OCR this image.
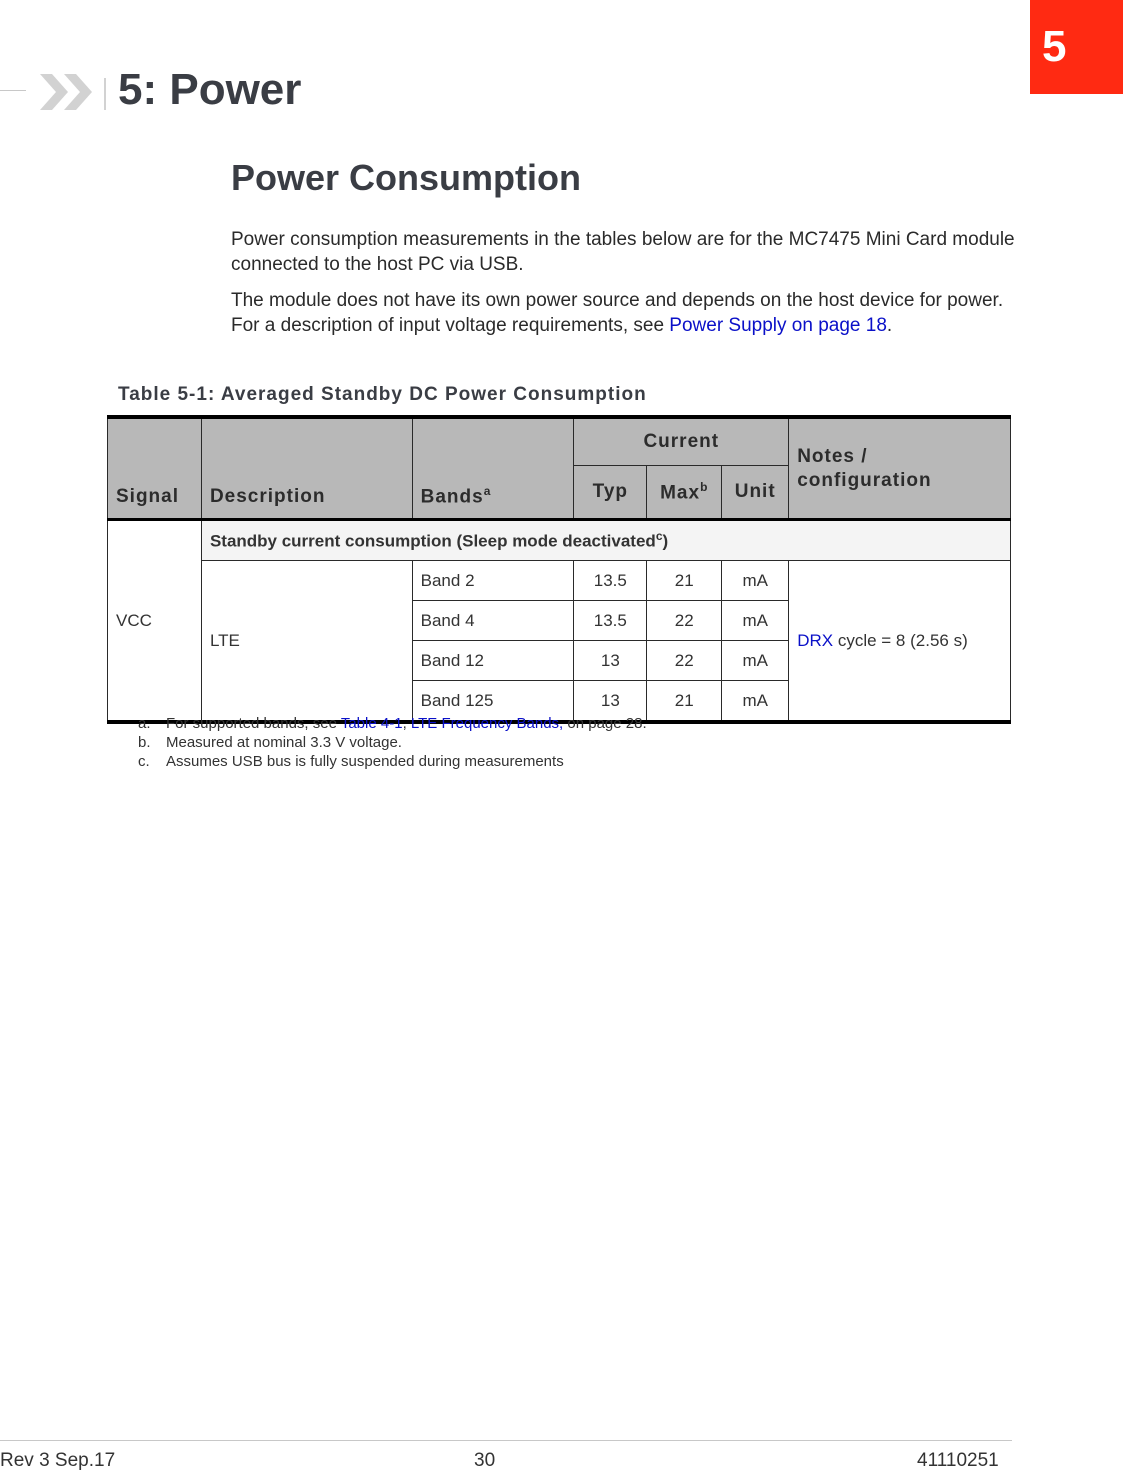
5
5: Power
Power Consumption

Power consumption measurements in the tables below are for the MC7475 Mini Card module connected to the host PC via USB.

The module does not have its own power source and depends on the host device for power. For a description of input voltage requirements, see Power Supply on page 18.

Table 5-1: Averaged Standby DC Power Consumption
Signal	Description	Bands$^a$	Current			Notes / configuration
			Typ	Max$^b$	Unit	
VCC	Standby current consumption (Sleep mode deactivated$^c$)					
	LTE	Band 2	13.5	21	mA	DRX cycle = 8 (2.56 s)
		Band 4	13.5	22	mA	
		Band 12	13	22	mA	
		Band 125	13	21	mA	
a.	For supported bands, see Table 4-1, LTE Frequency Bands, on page 28.
b.	Measured at nominal 3.3 V voltage.
c.	Assumes USB bus is fully suspended during measurements
Rev 3 Sep.17	30	41110251
